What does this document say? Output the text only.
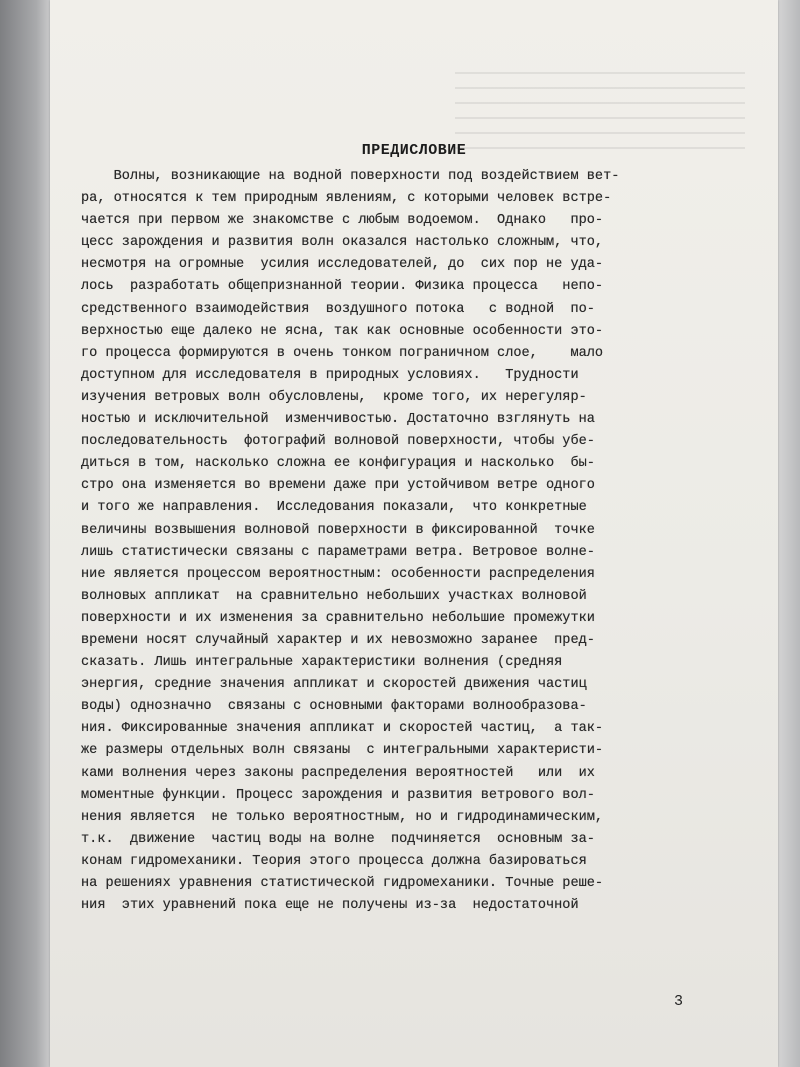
ПРЕДИСЛОВИЕ
Волны, возникающие на водной поверхности под воздействием вет-
ра, относятся к тем природным явлениям, с которыми человек встре-
чается при первом же знакомстве с любым водоемом.  Однако   про-
цесс зарождения и развития волн оказался настолько сложным, что,
несмотря на огромные  усилия исследователей, до  сих пор не уда-
лось  разработать общепризнанной теории. Физика процесса   непо-
средственного взаимодействия  воздушного потока   с водной  по-
верхностью еще далеко не ясна, так как основные особенности это-
го процесса формируются в очень тонком пограничном слое,    мало
доступном для исследователя в природных условиях.   Трудности
изучения ветровых волн обусловлены,  кроме того, их нерегуляр-
ностью и исключительной  изменчивостью. Достаточно взглянуть на
последовательность  фотографий волновой поверхности, чтобы убе-
диться в том, насколько сложна ее конфигурация и насколько  бы-
стро она изменяется во времени даже при устойчивом ветре одного
и того же направления.  Исследования показали,  что конкретные
величины возвышения волновой поверхности в фиксированной  точке
лишь статистически связаны с параметрами ветра. Ветровое волне-
ние является процессом вероятностным: особенности распределения
волновых аппликат  на сравнительно небольших участках волновой
поверхности и их изменения за сравнительно небольшие промежутки
времени носят случайный характер и их невозможно заранее  пред-
сказать. Лишь интегральные характеристики волнения (средняя
энергия, средние значения аппликат и скоростей движения частиц
воды) однозначно  связаны с основными факторами волнообразова-
ния. Фиксированные значения аппликат и скоростей частиц,  а так-
же размеры отдельных волн связаны  с интегральными характеристи-
ками волнения через законы распределения вероятностей   или  их
моментные функции. Процесс зарождения и развития ветрового вол-
нения является  не только вероятностным, но и гидродинамическим,
т.к.  движение  частиц воды на волне  подчиняется  основным за-
конам гидромеханики. Теория этого процесса должна базироваться
на решениях уравнения статистической гидромеханики. Точные реше-
ния  этих уравнений пока еще не получены из-за  недостаточной
3
